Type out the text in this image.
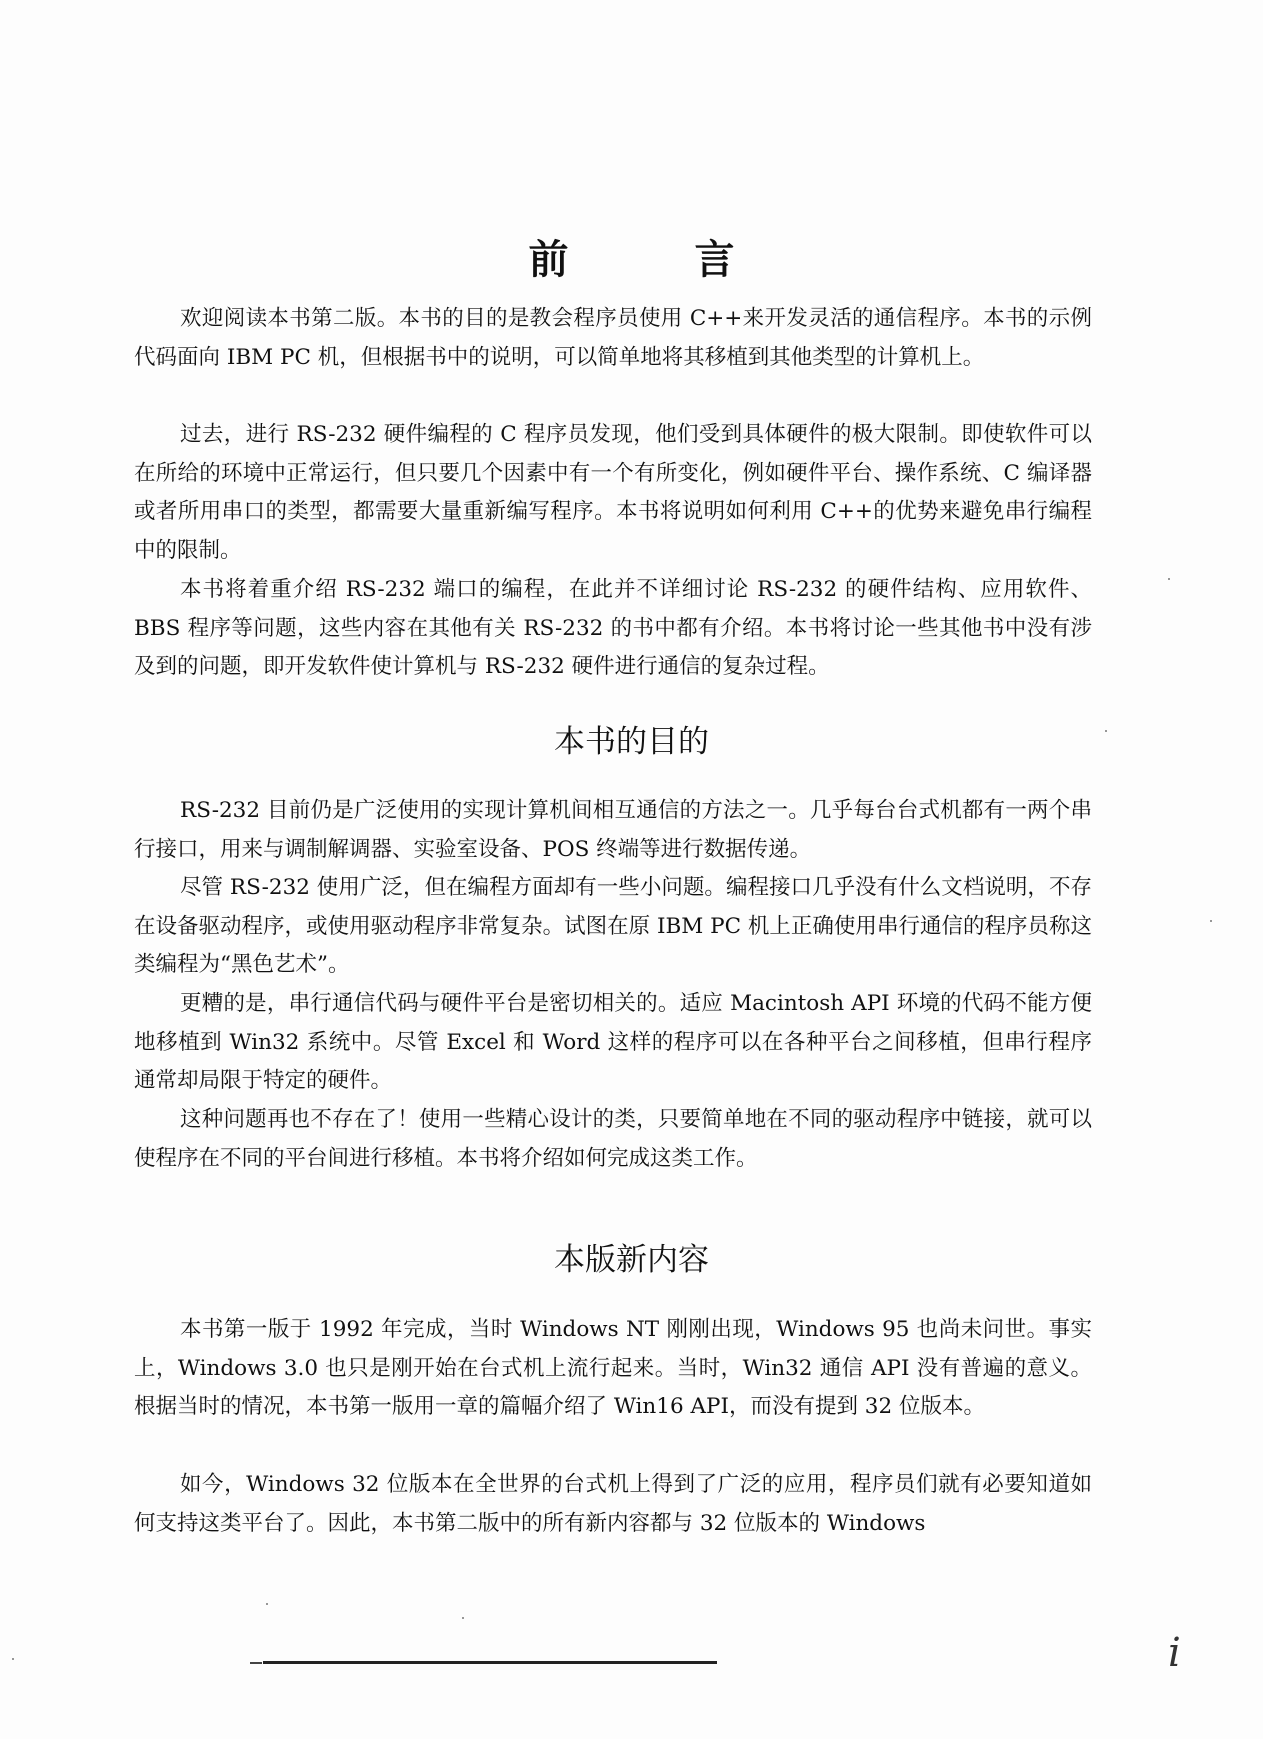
前 言

欢迎阅读本书第二版。本书的目的是教会程序员使用 C++来开发灵活的通信程序。本书的示例代码面向 IBM PC 机，但根据书中的说明，可以简单地将其移植到其他类型的计算机上。

过去，进行 RS-232 硬件编程的 C 程序员发现，他们受到具体硬件的极大限制。即使软件可以在所给的环境中正常运行，但只要几个因素中有一个有所变化，例如硬件平台、操作系统、C 编译器或者所用串口的类型，都需要大量重新编写程序。本书将说明如何利用 C++的优势来避免串行编程中的限制。

本书将着重介绍 RS-232 端口的编程，在此并不详细讨论 RS-232 的硬件结构、应用软件、BBS 程序等问题，这些内容在其他有关 RS-232 的书中都有介绍。本书将讨论一些其他书中没有涉及到的问题，即开发软件使计算机与 RS-232 硬件进行通信的复杂过程。

本书的目的

RS-232 目前仍是广泛使用的实现计算机间相互通信的方法之一。几乎每台台式机都有一两个串行接口，用来与调制解调器、实验室设备、POS 终端等进行数据传递。

尽管 RS-232 使用广泛，但在编程方面却有一些小问题。编程接口几乎没有什么文档说明，不存在设备驱动程序，或使用驱动程序非常复杂。试图在原 IBM PC 机上正确使用串行通信的程序员称这类编程为“黑色艺术”。

更糟的是，串行通信代码与硬件平台是密切相关的。适应 Macintosh API 环境的代码不能方便地移植到 Win32 系统中。尽管 Excel 和 Word 这样的程序可以在各种平台之间移植，但串行程序通常却局限于特定的硬件。

这种问题再也不存在了！使用一些精心设计的类，只要简单地在不同的驱动程序中链接，就可以使程序在不同的平台间进行移植。本书将介绍如何完成这类工作。

本版新内容

本书第一版于 1992 年完成，当时 Windows NT 刚刚出现，Windows 95 也尚未问世。事实上，Windows 3.0 也只是刚开始在台式机上流行起来。当时，Win32 通信 API 没有普遍的意义。根据当时的情况，本书第一版用一章的篇幅介绍了 Win16 API，而没有提到 32 位版本。

如今，Windows 32 位版本在全世界的台式机上得到了广泛的应用，程序员们就有必要知道如何支持这类平台了。因此，本书第二版中的所有新内容都与 32 位版本的 Windows

i
